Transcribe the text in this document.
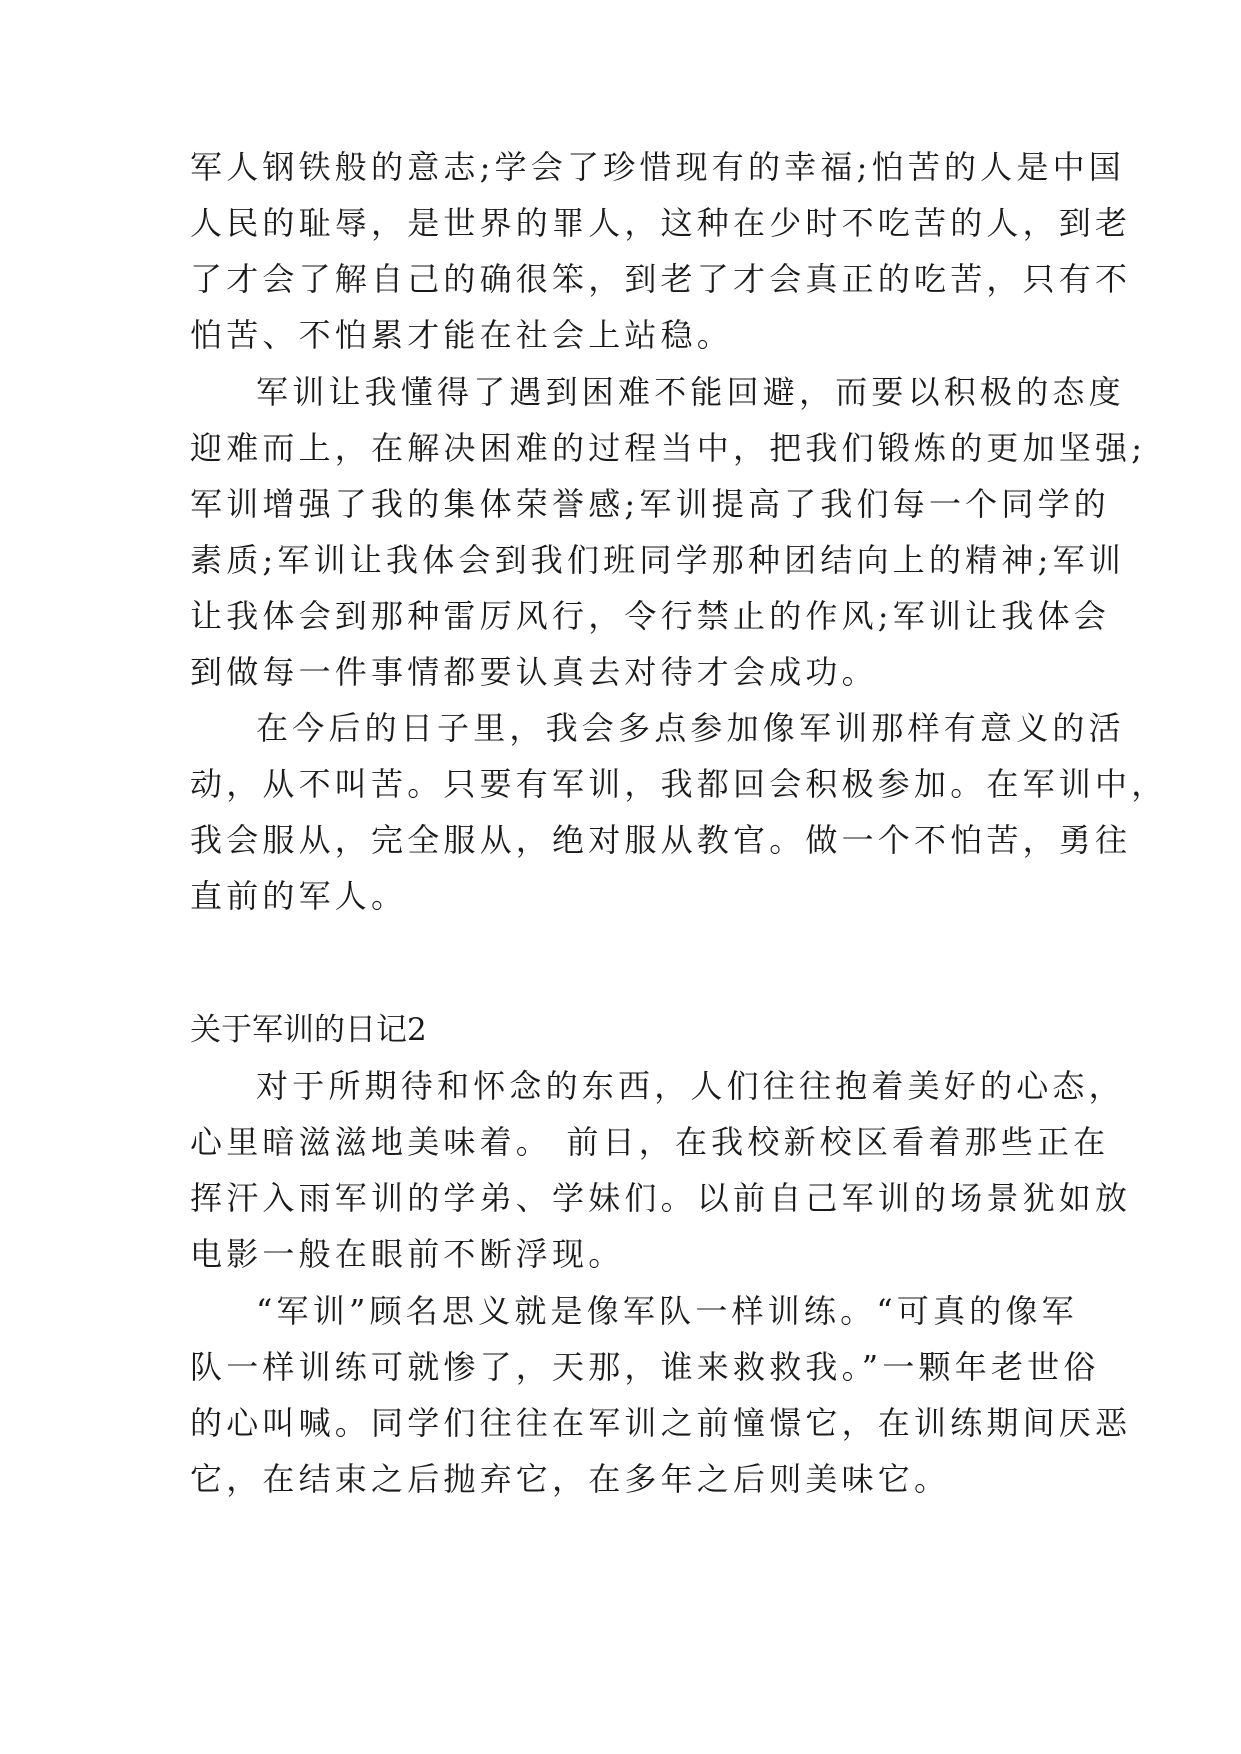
军人钢铁般的意志;学会了珍惜现有的幸福;怕苦的人是中国
人民的耻辱，是世界的罪人，这种在少时不吃苦的人，到老
了才会了解自己的确很笨，到老了才会真正的吃苦，只有不
怕苦、不怕累才能在社会上站稳。
军训让我懂得了遇到困难不能回避，而要以积极的态度
迎难而上，在解决困难的过程当中，把我们锻炼的更加坚强;
军训增强了我的集体荣誉感;军训提高了我们每一个同学的
素质;军训让我体会到我们班同学那种团结向上的精神;军训
让我体会到那种雷厉风行，令行禁止的作风;军训让我体会
到做每一件事情都要认真去对待才会成功。
在今后的日子里，我会多点参加像军训那样有意义的活
动，从不叫苦。只要有军训，我都回会积极参加。在军训中，
我会服从，完全服从，绝对服从教官。做一个不怕苦，勇往
直前的军人。
关于军训的日记2
对于所期待和怀念的东西，人们往往抱着美好的心态，
心里暗滋滋地美味着。 前日，在我校新校区看着那些正在
挥汗入雨军训的学弟、学妹们。以前自己军训的场景犹如放
电影一般在眼前不断浮现。
“军训”顾名思义就是像军队一样训练。“可真的像军
队一样训练可就惨了，天那，谁来救救我。”一颗年老世俗
的心叫喊。同学们往往在军训之前憧憬它，在训练期间厌恶
它，在结束之后抛弃它，在多年之后则美味它。
